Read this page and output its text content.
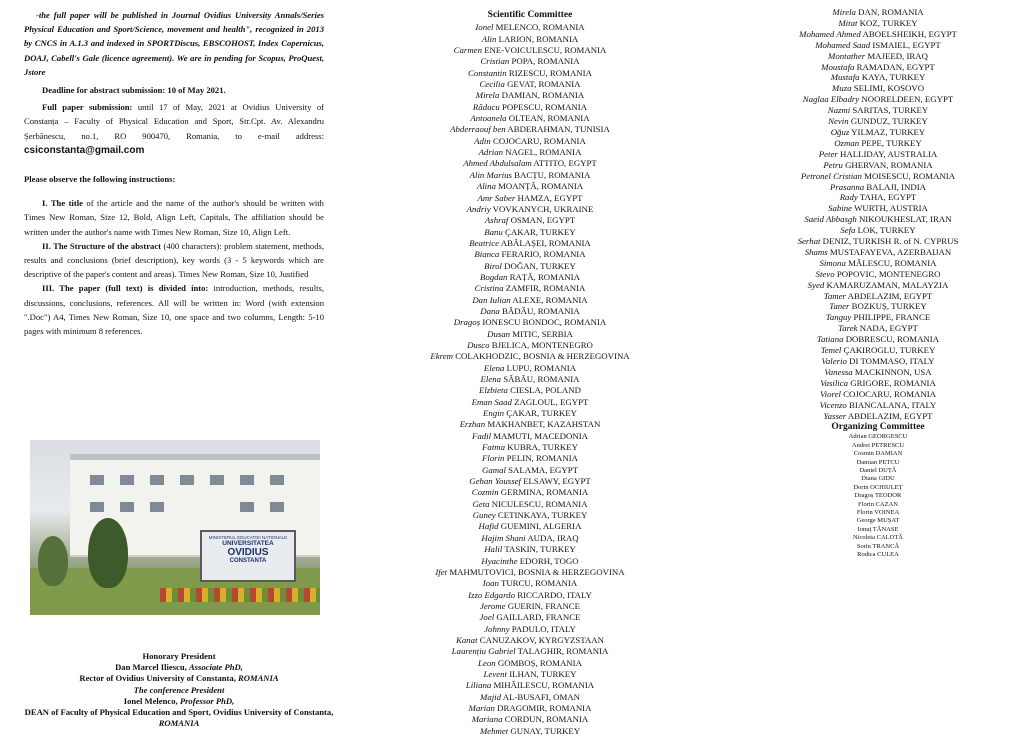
-the full paper will be published in Journal Ovidius University Annals/Series Physical Education and Sport/Science, movement and health", recognized in 2013 by CNCS in A.1.3 and indexed in SPORTDiscus, EBSCOHOST, Index Copernicus, DOAJ, Cabell's Gale (licence agreement). We are in pending for Scopus, ProQuest, Jstore

Deadline for abstract submission: 10 of May 2021.

Full paper submission: until 17 of May, 2021 at Ovidius University of Constanța – Faculty of Physical Education and Sport, Str.Cpt. Av. Alexandru Șerbănescu, no.1, RO 900470, Romania, to e-mail address: csiconstanta@gmail.com

Please observe the following instructions:

I. The title of the article and the name of the author's should be written with Times New Roman, Size 12, Bold, Align Left, Capitals, The affiliation should be written under the author's name with Times New Roman, Size 10, Align Left.

II. The Structure of the abstract (400 characters): problem statement, methods, results and conclusions (brief description), key words (3 - 5 keywords which are descriptive of the paper's content and areas). Times New Roman, Size 10, Justified

III. The paper (full text) is divided into: introduction, methods, results, discussions, conclusions, references. All will be written in: Word (with extension ".Doc") A4, Times New Roman, Size 10, one space and two columns, Length: 5-10 pages with minimum 8 references.

MINISTERUL EDUCATIEI NATIONALE
UNIVERSITATEA
OVIDIUS
CONSTANTA

Honorary President

Dan Marcel Iliescu, Associate PhD,

Rector of Ovidius University of Constanta, ROMANIA

The conference President

Ionel Melenco, Professor PhD,

DEAN of Faculty of Physical Education and Sport, Ovidius University of Constanta, ROMANIA

Scientific Committee
Ionel MELENCO, ROMANIA
Alin LARION, ROMANIA
Carmen ENE-VOICULESCU, ROMANIA
Cristian POPA, ROMANIA
Constantin RIZESCU, ROMANIA
Cecilia GEVAT, ROMANIA
Mirela DAMIAN, ROMANIA
Răducu POPESCU, ROMANIA
Antoanela OLTEAN, ROMANIA
Abderraouf ben ABDERAHMAN, TUNISIA
Adin COJOCARU, ROMANIA
Adrian NAGEL, ROMANIA
Ahmed Abdulsalam ATTITO, EGYPT
Alin Marius BACȚU, ROMANIA
Alina MOANȚĂ, ROMANIA
Amr Saber HAMZA, EGYPT
Andriy VOVKANYCH, UKRAINE
Ashraf OSMAN, EGYPT
Banu ÇAKAR, TURKEY
Beatrice ABĂLAȘEI, ROMANIA
Bianca FERARIO, ROMANIA
Birol DOĞAN, TURKEY
Bogdan RAȚĂ, ROMANIA
Cristina ZAMFIR, ROMANIA
Dan Iulian ALEXE, ROMANIA
Dana BĂDĂU, ROMANIA
Dragoș IONESCU BONDOC, ROMANIA
Dusan MITIC, SERBIA
Dusco BJELICA, MONTENEGRO
Ekrem COLAKHODZIC, BOSNIA & HERZEGOVINA
Elena LUPU, ROMANIA
Elena SĂBĂU, ROMANIA
Elzbieta CIESLA, POLAND
Eman Saad ZAGLOUL, EGYPT
Engin ÇAKAR, TURKEY
Erzhan MAKHANBET, KAZAHSTAN
Fadil MAMUTI, MACEDONIA
Fatma KUBRA, TURKEY
Florin PELIN, ROMANIA
Gamal SALAMA, EGYPT
Gehan Youssef ELSAWY, EGYPT
Cozmin GERMINA, ROMANIA
Geta NICULESCU, ROMANIA
Guney CETINKAYA, TURKEY
Hafid GUEMINI, ALGERIA
Hajim Shani AUDA, IRAQ
Halil TASKIN, TURKEY
Hyacinthe EDORH, TOGO
Ifet MAHMUTOVICI, BOSNIA & HERZEGOVINA
Ioan TURCU, ROMANIA
Izzo Edgardo RICCARDO, ITALY
Jerome GUERIN, FRANCE
Joel GAILLARD, FRANCE
Johnny PADULO, ITALY
Kanat CANUZAKOV, KYRGYZSTAAN
Laurențiu Gabriel TALAGHIR, ROMANIA
Leon GOMBOȘ, ROMANIA
Levent ILHAN, TURKEY
Liliana MIHĂILESCU, ROMANIA
Majid AL-BUSAFI, OMAN
Marian DRAGOMIR, ROMANIA
Mariana CORDUN, ROMANIA
Mehmet GUNAY, TURKEY
Mirela DAN, ROMANIA
Mitat KOZ, TURKEY
Mohamed Ahmed ABOELSHEIKH, EGYPT
Mohamed Saad ISMAIEL, EGYPT
Montather MAJEED, IRAQ
Moustafa RAMADAN, EGYPT
Mustafa KAYA, TURKEY
Muza SELIMI, KOSOVO
Naglaa Elbadry NOORELDEEN, EGYPT
Nazmi SARITAS, TURKEY
Nevin GUNDUZ, TURKEY
Oğuz YILMAZ, TURKEY
Ozman PEPE, TURKEY
Peter HALLIDAY, AUSTRALIA
Petru GHERVAN, ROMANIA
Petronel Cristian MOISESCU, ROMANIA
Prasanna BALAJI, INDIA
Rady TAHA, EGYPT
Sabine WURTH, AUSTRIA
Saeid Abbasgh NIKOUKHESLAT, IRAN
Sefa LOK, TURKEY
Serhat DENIZ, TURKISH R. of N. CYPRUS
Shams MUSTAFAYEVA, AZERBAIJAN
Simona MĂLESCU, ROMANIA
Stevo POPOVIC, MONTENEGRO
Syed KAMARUZAMAN, MALAYZIA
Tamer ABDELAZIM, EGYPT
Taner BOZKUȘ, TURKEY
Tanguy PHILIPPE, FRANCE
Tarek NADA, EGYPT
Tatiana DOBRESCU, ROMANIA
Temel ÇAKIROGLU, TURKEY
Valerio DI TOMMASO, ITALY
Vanessa MACKINNON, USA
Vasilica GRIGORE, ROMANIA
Viorel COJOCARU, ROMANIA
Vicenzo BIANCALANA, ITALY
Yasser ABDELAZIM, EGYPT
Organizing Committee
Adrian GEORGESCU
Andrei PETRESCU
Cosmin DAMIAN
Damian PETCU
Daniel DUȚĂ
Diana GIDU
Dorin OCHIULEȚ
Dragoș TEODOR
Florin CAZAN
Florin VOINEA
George MUȘAT
Ionuț TĂNASE
Nicoleta CALOTĂ
Sorin TRANCĂ
Rodica CULEA
